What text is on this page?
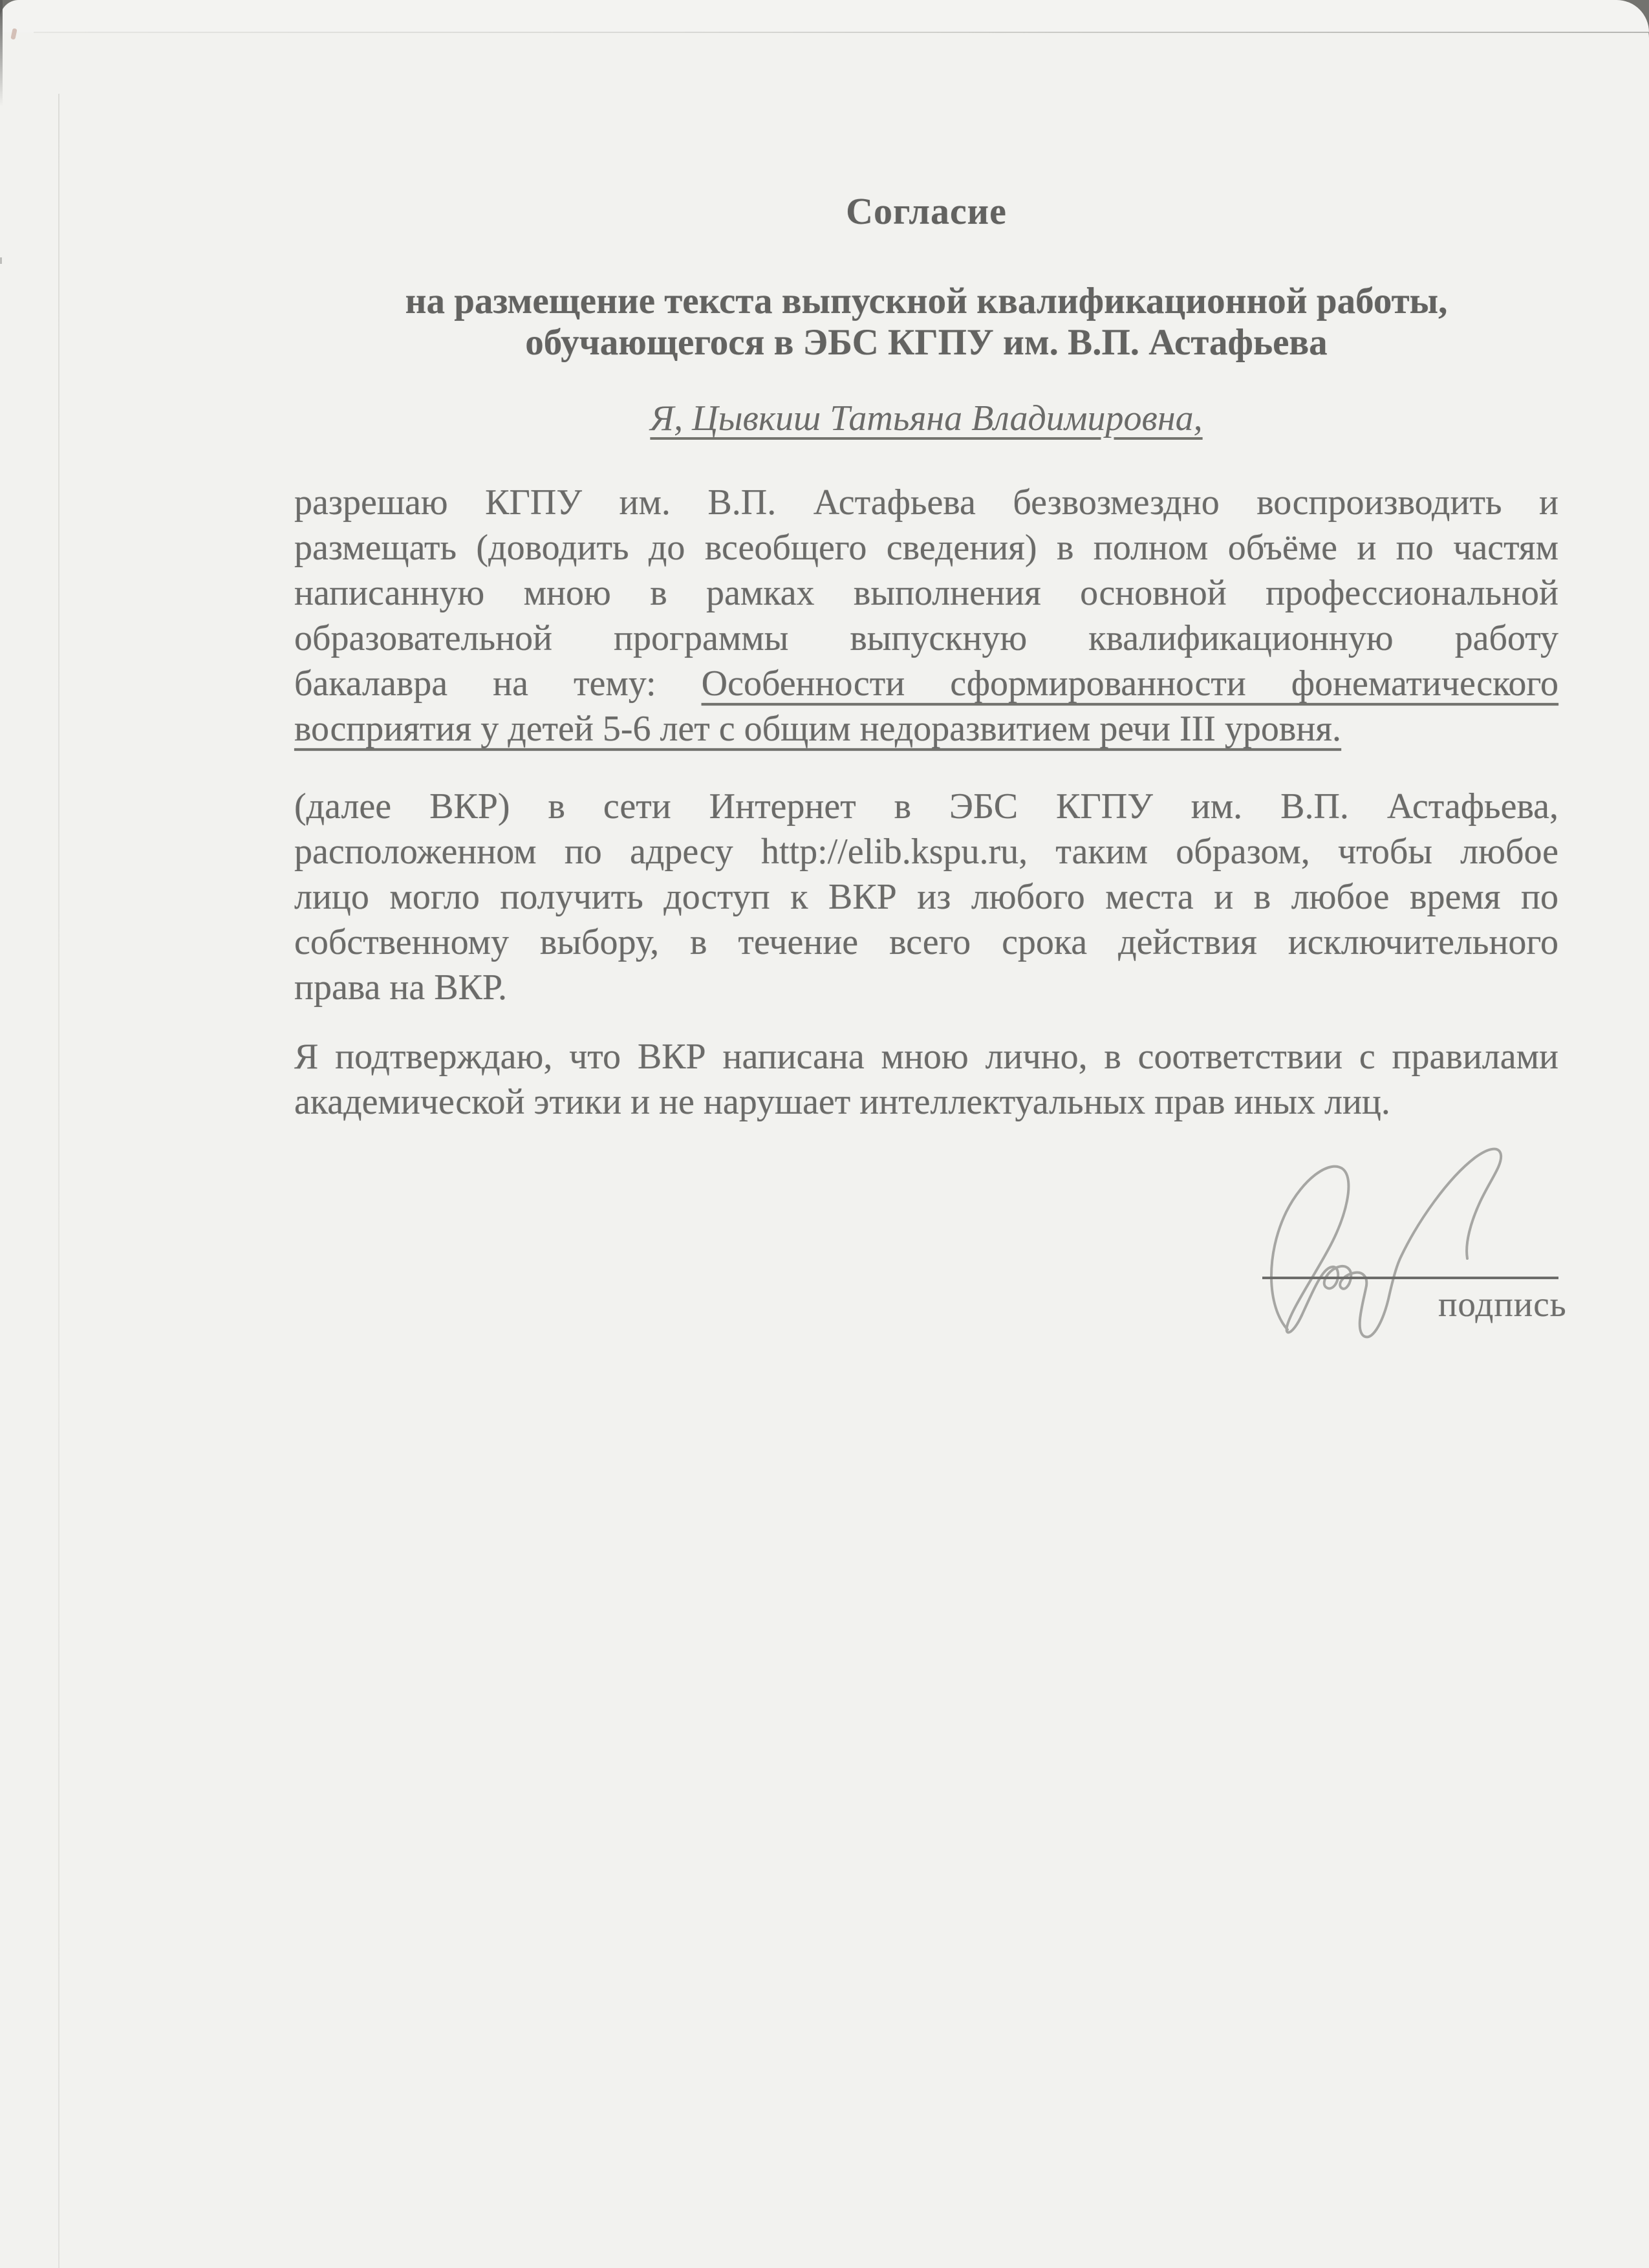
Согласие
на размещение текста выпускной квалификационной работы,
обучающегося в ЭБС КГПУ им. В.П. Астафьева
Я, Цывкиш Татьяна Владимировна,
разрешаю КГПУ им. В.П. Астафьева безвозмездно воспроизводить и
размещать (доводить до всеобщего сведения) в полном объёме и по частям
написанную мною в рамках выполнения основной профессиональной
образовательной программы выпускную квалификационную работу
бакалавра на тему: Особенности сформированности фонематического
восприятия у детей 5-6 лет с общим недоразвитием речи III уровня.
(далее ВКР) в сети Интернет в ЭБС КГПУ им. В.П. Астафьева,
расположенном по адресу http://elib.kspu.ru, таким образом, чтобы любое
лицо могло получить доступ к ВКР из любого места и в любое время по
собственному выбору, в течение всего срока действия исключительного
права на ВКР.
Я подтверждаю, что ВКР написана мною лично, в соответствии с правилами
академической этики и не нарушает интеллектуальных прав иных лиц.
подпись
